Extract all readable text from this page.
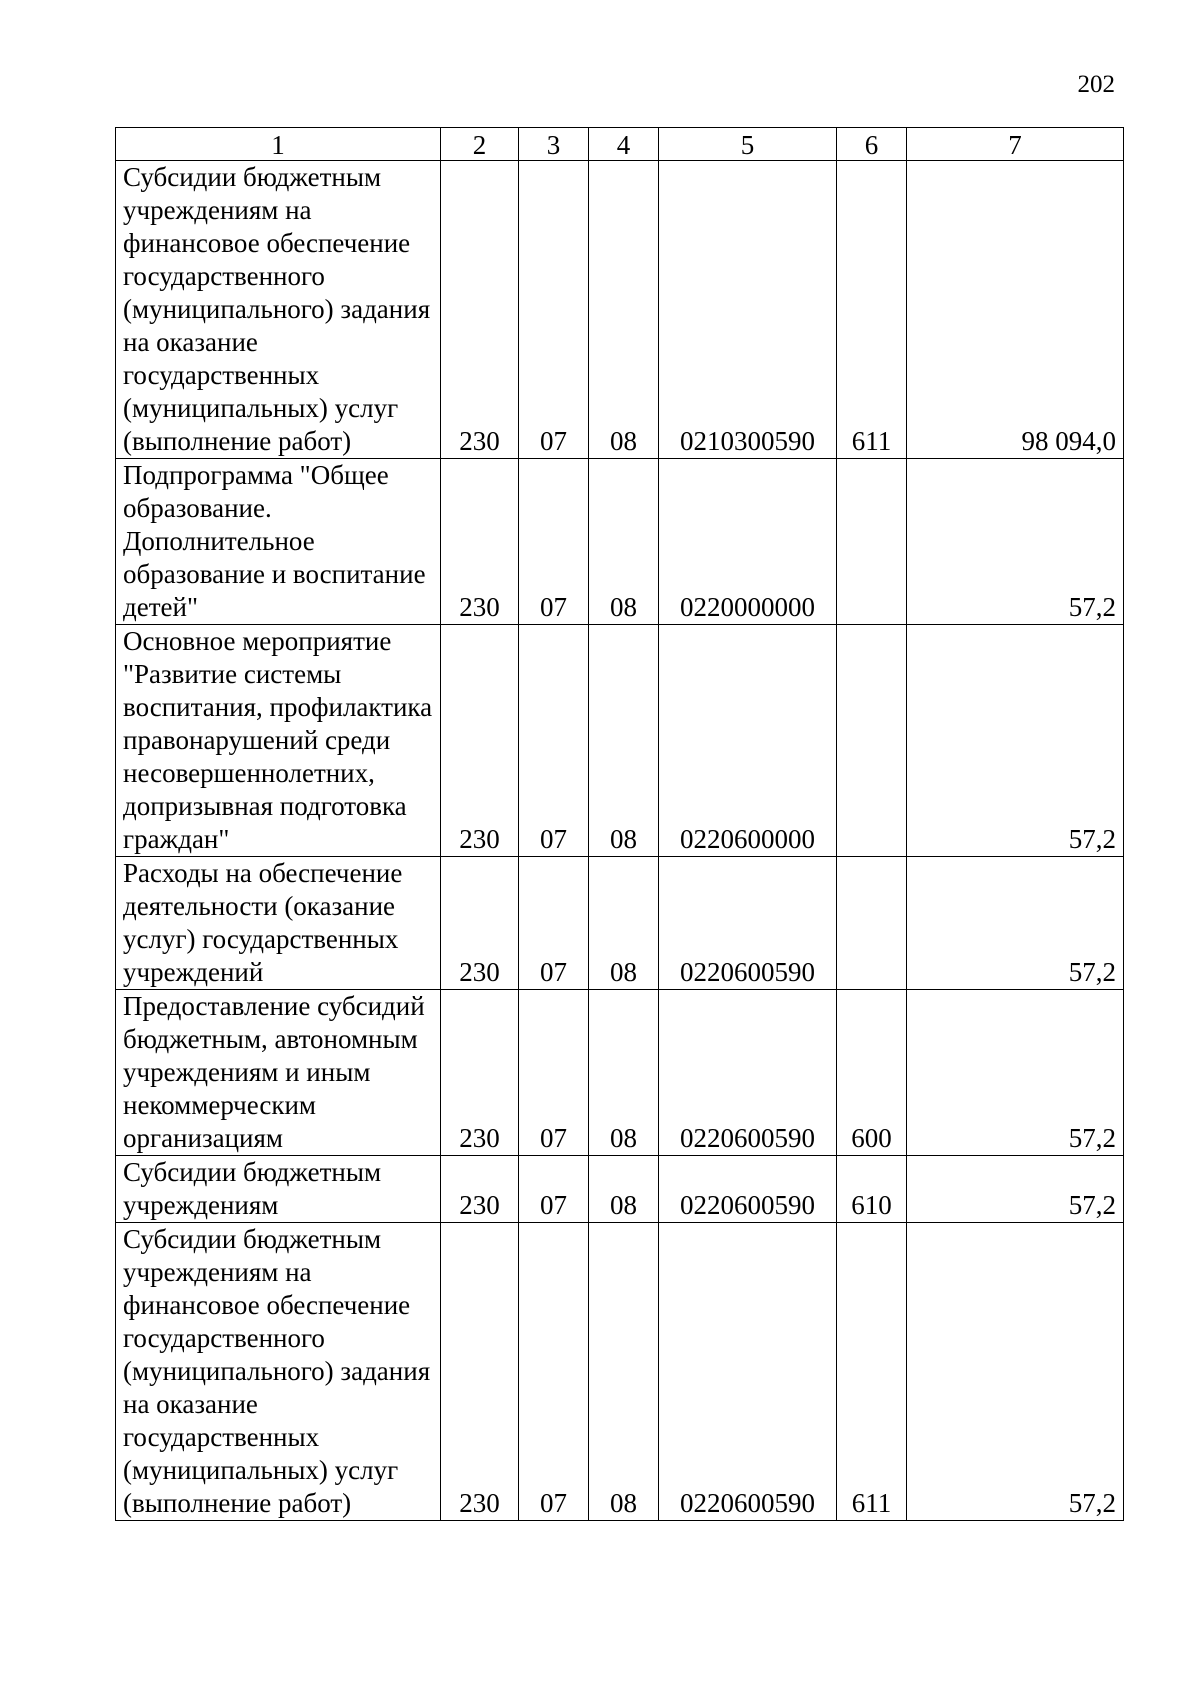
202
1	2	3	4	5	6	7
Субсидии бюджетным учреждениям на финансовое обеспечение государственного (муниципального) задания на оказание государственных (муниципальных) услуг (выполнение работ)	230	07	08	0210300590	611	98 094,0
Подпрограмма "Общее образование. Дополнительное образование и воспитание детей"	230	07	08	0220000000		57,2
Основное мероприятие "Развитие системы воспитания, профилактика правонарушений среди несовершеннолетних, допризывная подготовка граждан"	230	07	08	0220600000		57,2
Расходы на обеспечение деятельности (оказание услуг) государственных учреждений	230	07	08	0220600590		57,2
Предоставление субсидий бюджетным, автономным учреждениям и иным некоммерческим организациям	230	07	08	0220600590	600	57,2
Субсидии бюджетным учреждениям	230	07	08	0220600590	610	57,2
Субсидии бюджетным учреждениям на финансовое обеспечение государственного (муниципального) задания на оказание государственных (муниципальных) услуг (выполнение работ)	230	07	08	0220600590	611	57,2
